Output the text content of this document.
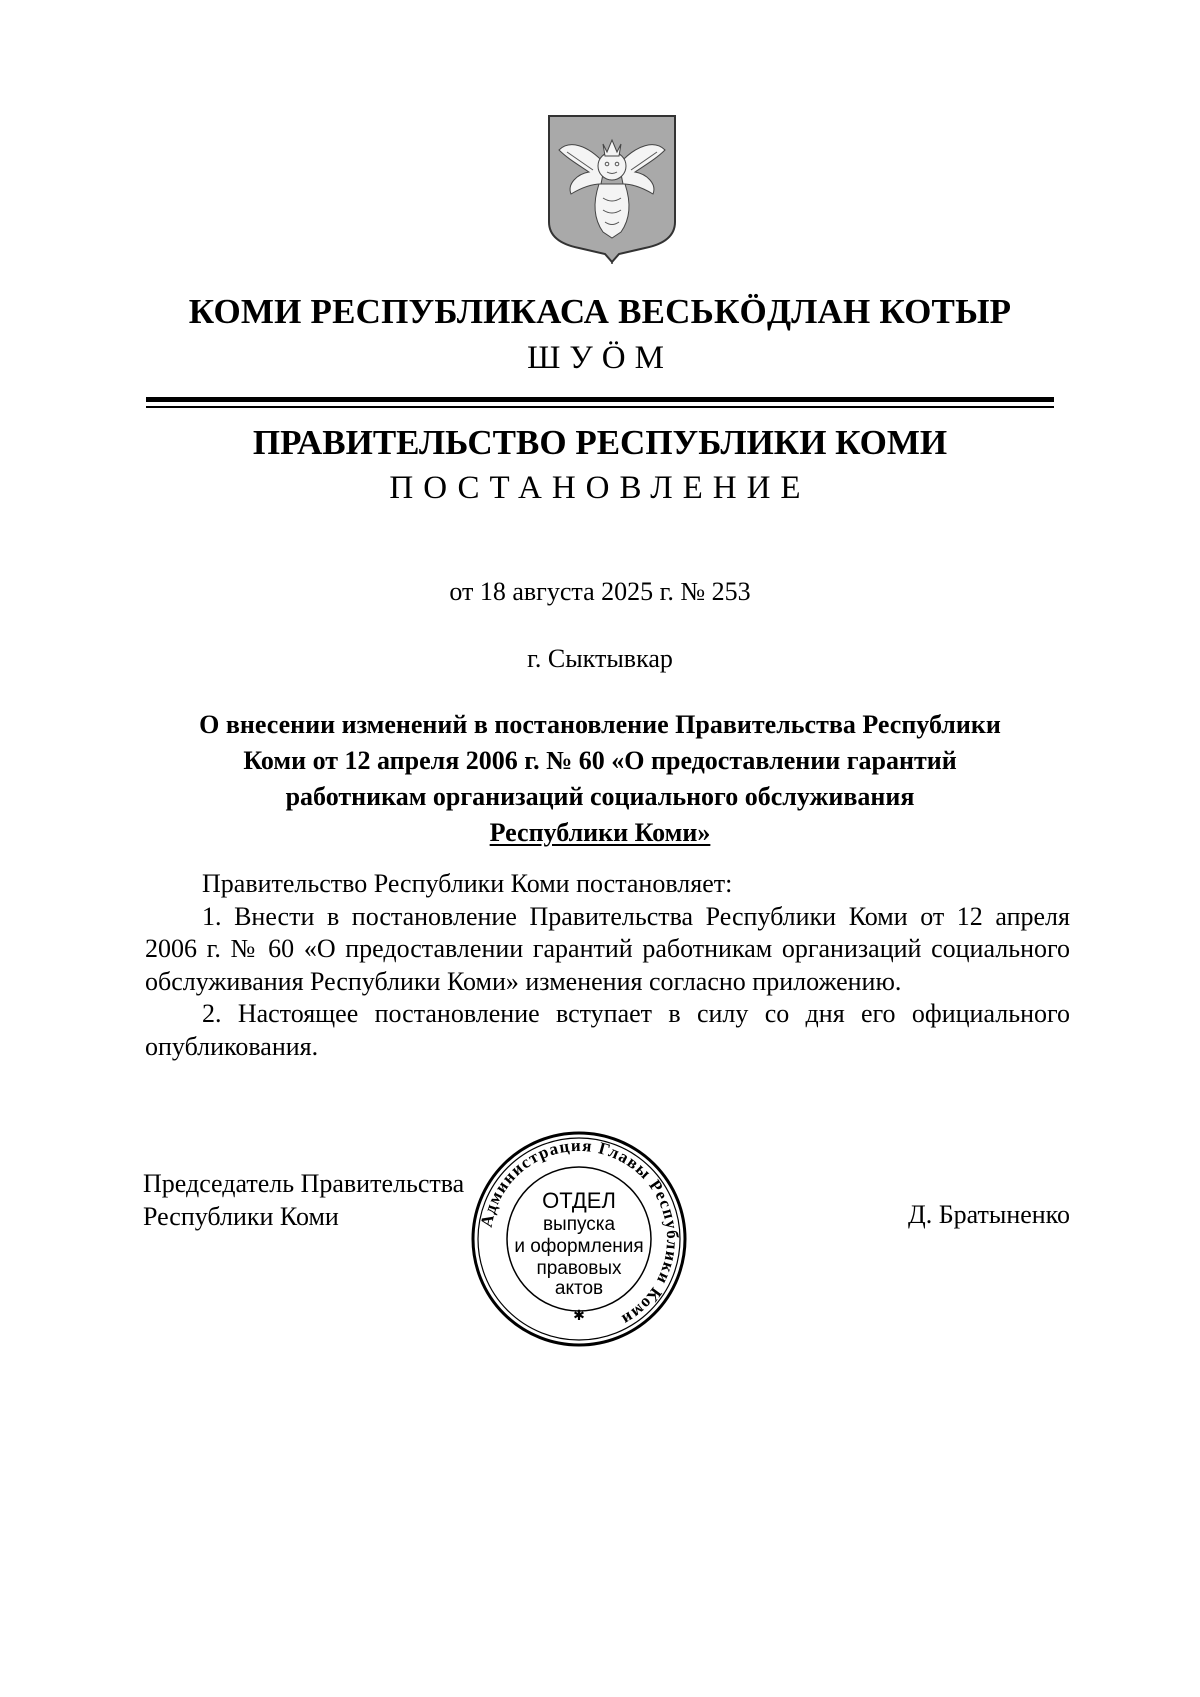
КОМИ РЕСПУБЛИКАСА ВЕСЬКӦДЛАН КОТЫР
ШУӦМ
ПРАВИТЕЛЬСТВО РЕСПУБЛИКИ КОМИ
ПОСТАНОВЛЕНИЕ
от 18 августа 2025 г. № 253
г. Сыктывкар
О внесении изменений в постановление Правительства Республики
Коми от 12 апреля 2006 г. № 60 «О предоставлении гарантий
работникам организаций социального обслуживания
Республики Коми»

Правительство Республики Коми постановляет:

1. Внести в постановление Правительства Республики Коми от 12 апреля 2006 г. № 60 «О предоставлении гарантий работникам организаций социального обслуживания Республики Коми» изменения согласно приложению.

2. Настоящее постановление вступает в силу со дня его официального опубликования.

Председатель Правительства
Республики Коми	Д. Братыненко
Администрация Главы Республики Коми
✱
ОТДЕЛ
выпуска
и оформления
правовых
актов
